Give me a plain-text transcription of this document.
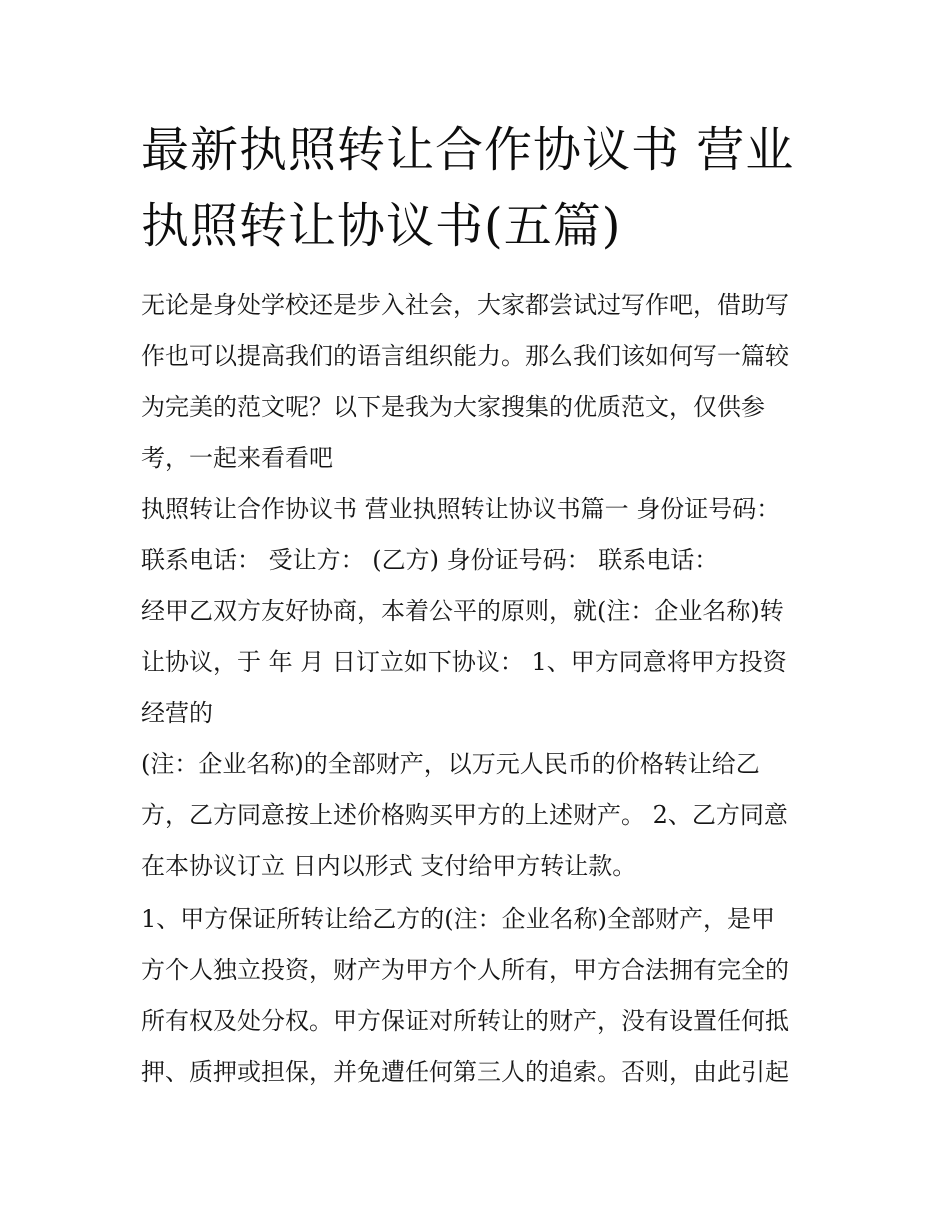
最新执照转让合作协议书 营业
执照转让协议书(五篇)

无论是身处学校还是步入社会，大家都尝试过写作吧，借助写
作也可以提高我们的语言组织能力。那么我们该如何写一篇较
为完美的范文呢？以下是我为大家搜集的优质范文，仅供参
考，一起来看看吧

执照转让合作协议书 营业执照转让协议书篇一 身份证号码：
联系电话： 受让方： (乙方) 身份证号码： 联系电话：

经甲乙双方友好协商，本着公平的原则，就(注：企业名称)转
让协议，于 年 月 日订立如下协议： 1、甲方同意将甲方投资
经营的

(注：企业名称)的全部财产，以万元人民币的价格转让给乙
方，乙方同意按上述价格购买甲方的上述财产。 2、乙方同意
在本协议订立 日内以形式 支付给甲方转让款。

1、甲方保证所转让给乙方的(注：企业名称)全部财产，是甲
方个人独立投资，财产为甲方个人所有，甲方合法拥有完全的
所有权及处分权。甲方保证对所转让的财产，没有设置任何抵
押、质押或担保，并免遭任何第三人的追索。否则，由此引起
